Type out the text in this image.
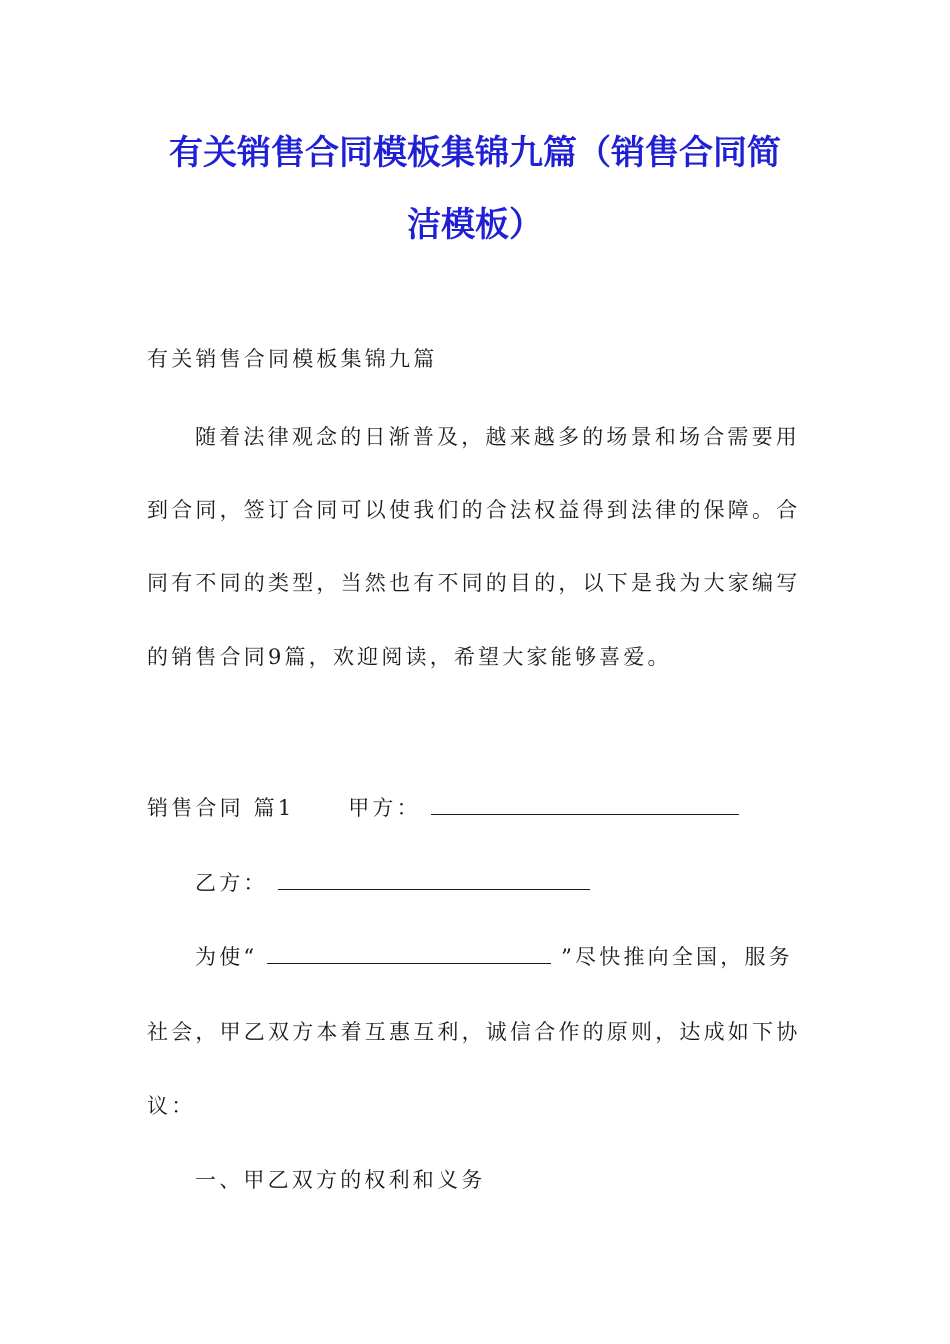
有关销售合同模板集锦九篇（销售合同简
洁模板）
有关销售合同模板集锦九篇
随着法律观念的日渐普及，越来越多的场景和场合需要用
到合同，签订合同可以使我们的合法权益得到法律的保障。合
同有不同的类型，当然也有不同的目的，以下是我为大家编写
的销售合同9篇，欢迎阅读，希望大家能够喜爱。
销售合同 篇1	甲方：
乙方：
为使“	”尽快推向全国，服务
社会，甲乙双方本着互惠互利，诚信合作的原则，达成如下协
议：
一、甲乙双方的权利和义务
